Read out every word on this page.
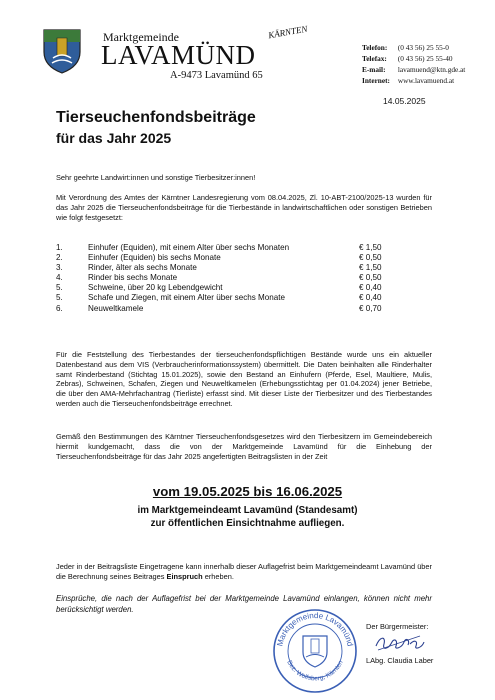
Marktgemeinde
LAVAMÜND
KÄRNTEN
A-9473 Lavamünd 65
Telefon: (0 43 56) 25 55-0
Telefax: (0 43 56) 25 55-40
E-mail: lavamuend@ktn.gde.at
Internet: www.lavamuend.at
14.05.2025
Tierseuchenfondsbeiträge
für das Jahr 2025
Sehr geehrte Landwirt:innen und sonstige Tierbesitzer:innen!
Mit Verordnung des Amtes der Kärntner Landesregierung vom 08.04.2025, Zl. 10-ABT-2100/2025-13 wurden für das Jahr 2025 die Tierseuchenfondsbeiträge für die Tierbestände in landwirtschaftlichen oder sonstigen Betrieben wie folgt festgesetzt:
1.	Einhufer (Equiden), mit einem Alter über sechs Monaten	€ 1,50
2.	Einhufer (Equiden) bis sechs Monate	€ 0,50
3.	Rinder, älter als sechs Monate	€ 1,50
4.	Rinder bis sechs Monate	€ 0,50
5.	Schweine, über 20 kg Lebendgewicht	€ 0,40
5.	Schafe und Ziegen, mit einem Alter über sechs Monate	€ 0,40
6.	Neuweltkamele	€ 0,70
Für die Feststellung des Tierbestandes der tierseuchenfondspflichtigen Bestände wurde uns ein aktueller Datenbestand aus dem VIS (Verbraucherinformationssystem) übermittelt. Die Daten beinhalten alle Rinderhalter samt Rinderbestand (Stichtag 15.01.2025), sowie den Bestand an Einhufern (Pferde, Esel, Maultiere, Mulis, Zebras), Schweinen, Schafen, Ziegen und Neuweltkamelen (Erhebungsstichtag per 01.04.2024) jener Betriebe, die über den AMA-Mehrfachantrag (Tierliste) erfasst sind. Mit dieser Liste der Tierbesitzer und des Tierbestandes werden auch die Tierseuchenfondsbeiträge errechnet.
Gemäß den Bestimmungen des Kärntner Tierseuchenfondsgesetzes wird den Tierbesitzern im Gemeindebereich hiermit kundgemacht, dass die von der Marktgemeinde Lavamünd für die Einhebung der Tierseuchenfondsbeiträge für das Jahr 2025 angefertigten Beitragslisten in der Zeit
vom 19.05.2025 bis 16.06.2025
im Marktgemeindeamt Lavamünd (Standesamt)
zur öffentlichen Einsichtnahme aufliegen.
Jeder in der Beitragsliste Eingetragene kann innerhalb dieser Auflagefrist beim Marktgemeindeamt Lavamünd über die Berechnung seines Beitrages Einspruch erheben.
Einsprüche, die nach der Auflagefrist bei der Marktgemeinde Lavamünd einlangen, können nicht mehr berücksichtigt werden.
Marktgemeinde Lavamünd
Bez. Wolfsberg, Kärnten
Der Bürgermeister:
LAbg. Claudia Laber
